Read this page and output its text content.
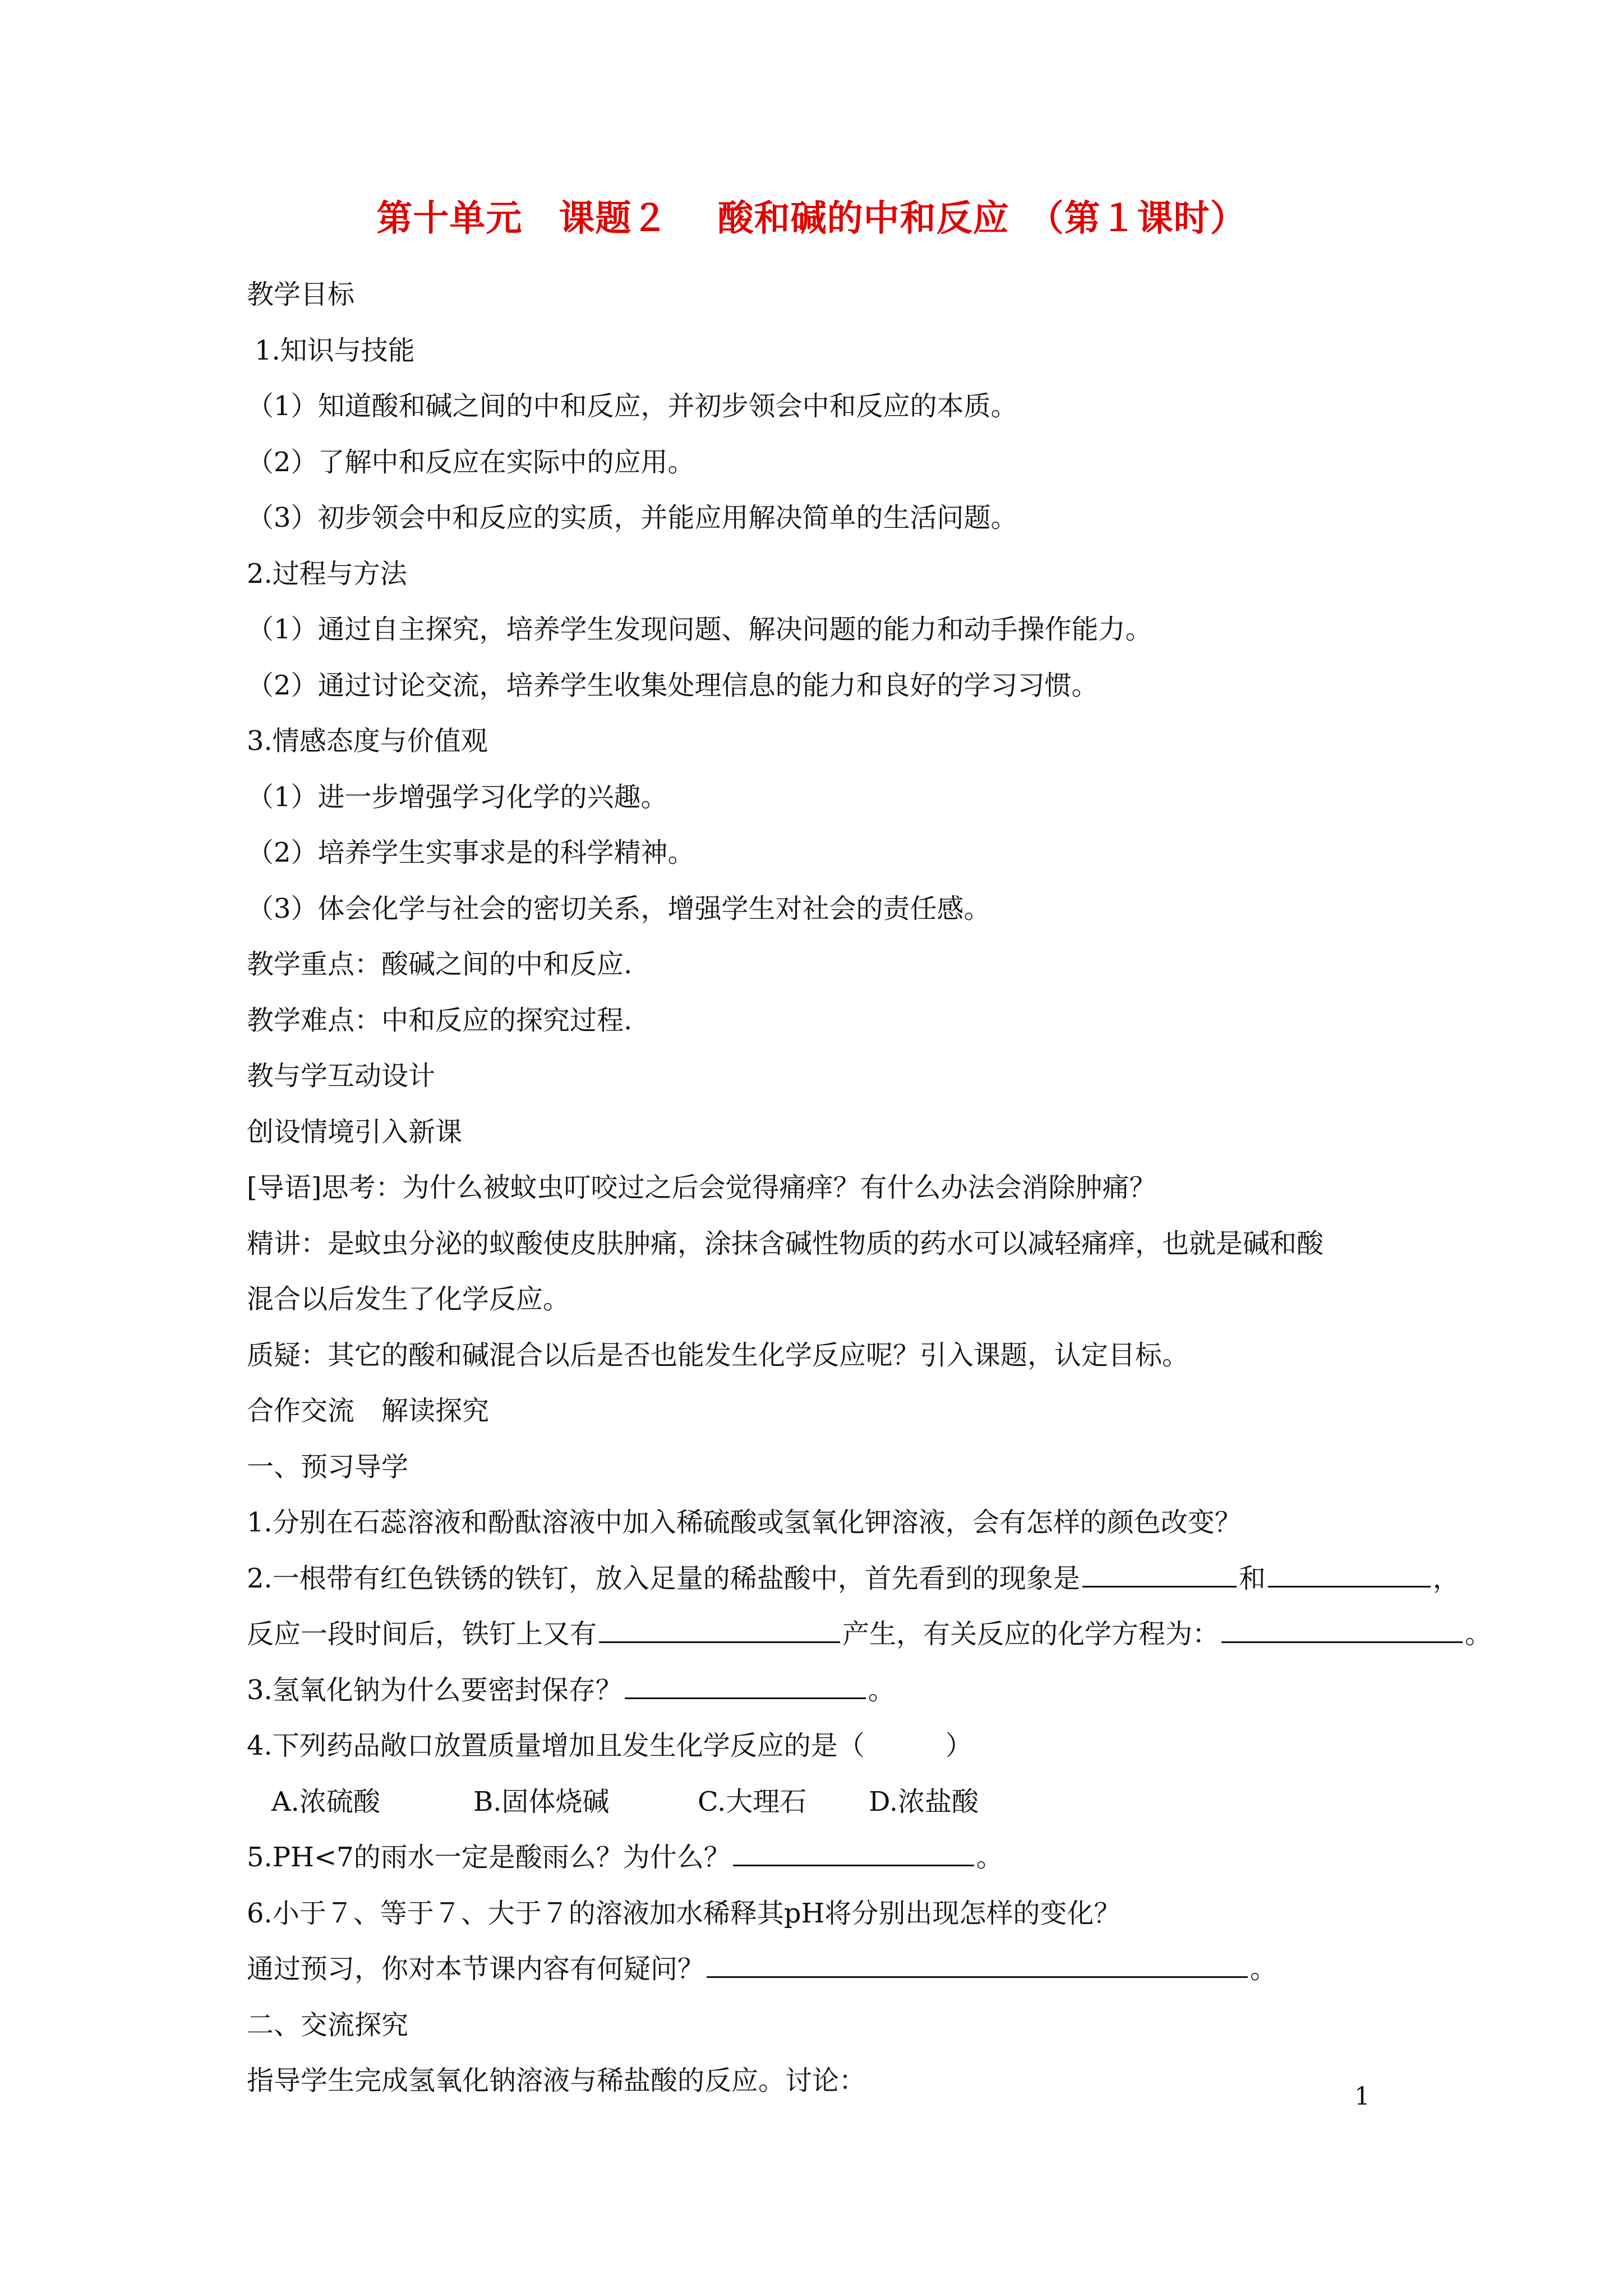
第十单元　课题２　 酸和碱的中和反应　（第１课时）
教学目标
1.知识与技能
（1）知道酸和碱之间的中和反应，并初步领会中和反应的本质。
（2）了解中和反应在实际中的应用。
（3）初步领会中和反应的实质，并能应用解决简单的生活问题。
2.过程与方法
（1）通过自主探究，培养学生发现问题、解决问题的能力和动手操作能力。
（2）通过讨论交流，培养学生收集处理信息的能力和良好的学习习惯。
3.情感态度与价值观
（1）进一步增强学习化学的兴趣。
（2）培养学生实事求是的科学精神。
（3）体会化学与社会的密切关系，增强学生对社会的责任感。
教学重点：酸碱之间的中和反应.
教学难点：中和反应的探究过程.
教与学互动设计
创设情境引入新课
[导语]思考：为什么被蚊虫叮咬过之后会觉得痛痒？有什么办法会消除肿痛？
精讲：是蚊虫分泌的蚁酸使皮肤肿痛，涂抹含碱性物质的药水可以减轻痛痒，也就是碱和酸
混合以后发生了化学反应。
质疑：其它的酸和碱混合以后是否也能发生化学反应呢？引入课题，认定目标。
合作交流　解读探究
一、预习导学
1.分别在石蕊溶液和酚酞溶液中加入稀硫酸或氢氧化钾溶液，会有怎样的颜色改变？
2.一根带有红色铁锈的铁钉，放入足量的稀盐酸中，首先看到的现象是	和	，
反应一段时间后，铁钉上又有	产生，有关反应的化学方程为：	。
3.氢氧化钠为什么要密封保存？	。
4.下列药品敞口放置质量增加且发生化学反应的是（　　　）
A.浓硫酸	B.固体烧碱	C.大理石 D.浓盐酸
5.PH<7的雨水一定是酸雨么？为什么？	。
6.小于７、等于７、大于７的溶液加水稀释其pH将分别出现怎样的变化？
通过预习，你对本节课内容有何疑问？	。
二、交流探究
指导学生完成氢氧化钠溶液与稀盐酸的反应。讨论：
1
